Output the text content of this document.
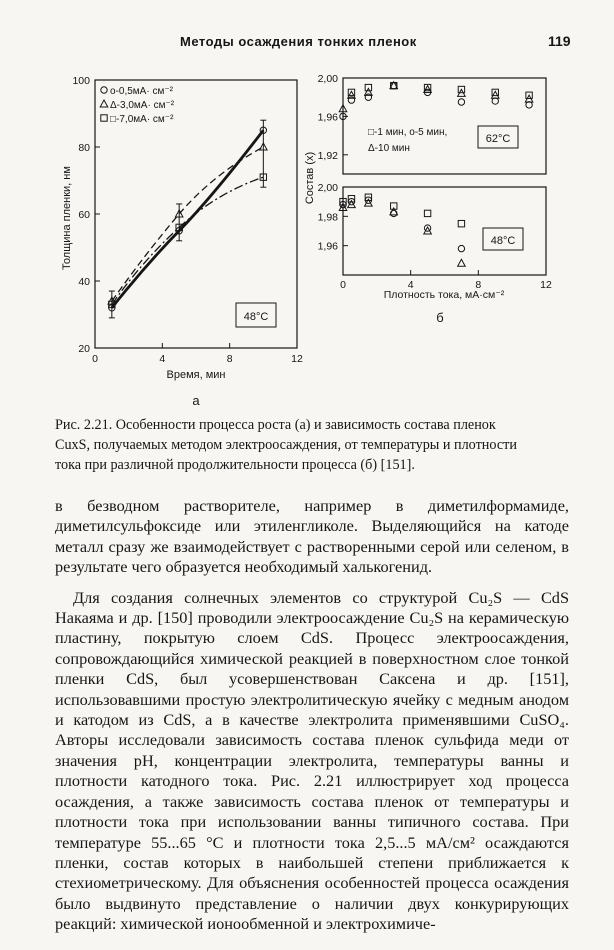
Методы осаждения тонких пленок	119
20
40
60
80
100
0	4	8	12
Толщина пленки, нм
Время, мин
а
о-0,5мА· см⁻²
Δ-3,0мА· см⁻²
□-7,0мА· см⁻²
48°C
1,92
1,96
2,00
1,96
1,98
2,00
0	4	8	12
Состав (x)
Плотность тока, мА·см⁻²
б
□-1 мин, о-5 мин,
Δ-10 мин
62°C
48°C

Рис. 2.21. Особенности процесса роста (а) и зависимость состава пленок

CuxS, получаемых методом электроосаждения, от температуры и плотности

тока при различной продолжительности процесса (б) [151].

в безводном растворителе, например в диметилформамиде, диметилсульфоксиде или этиленгликоле. Выделяющийся на катоде металл сразу же взаимодействует с растворенными серой или селеном, в результате чего образуется необходимый халькогенид.

Для создания солнечных элементов со структурой Cu₂S — CdS Накаяма и др. [150] проводили электроосаждение Cu₂S на керамическую пластину, покрытую слоем CdS. Процесс электроосаждения, сопровождающийся химической реакцией в поверхностном слое тонкой пленки CdS, был усовершенствован Саксена и др. [151], использовавшими простую электролитическую ячейку с медным анодом и катодом из CdS, а в качестве электролита применявшими CuSO₄. Авторы исследовали зависимость состава пленок сульфида меди от значения pH, концентрации электролита, температуры ванны и плотности катодного тока. Рис. 2.21 иллюстрирует ход процесса осаждения, а также зависимость состава пленок от температуры и плотности тока при использовании ванны типичного состава. При температуре 55...65 °C и плотности тока 2,5...5 мА/см² осаждаются пленки, состав которых в наибольшей степени приближается к стехиометрическому. Для объяснения особенностей процесса осаждения было выдвинуто представление о наличии двух конкурирующих реакций: химической ионообменной и электрохимиче-
